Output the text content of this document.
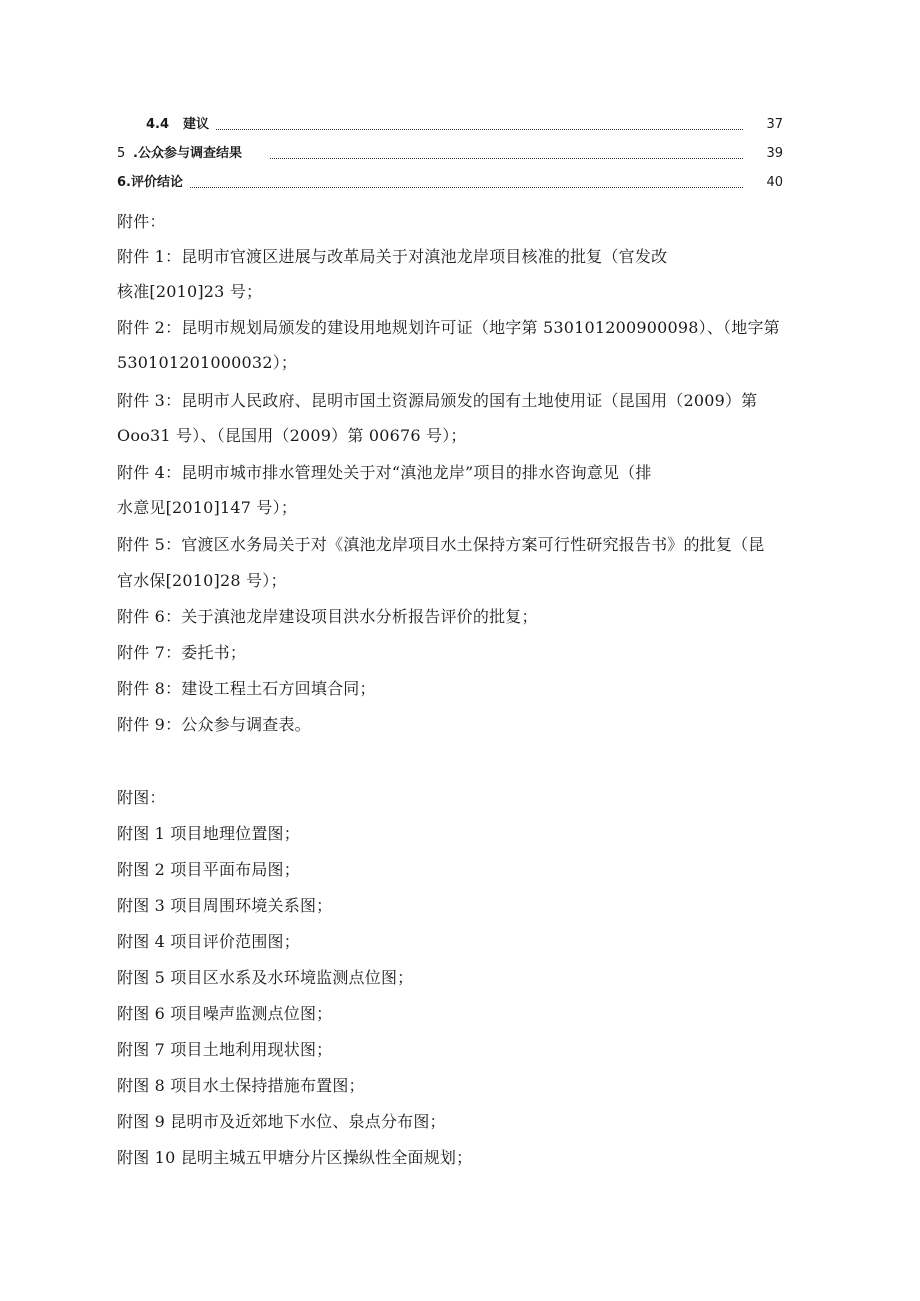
4.4 建议	37
5 .公众参与调查结果	39
6.评价结论	40
附件：
附件 1：昆明市官渡区进展与改革局关于对滇池龙岸项目核准的批复（官发改
核准[2010]23 号；
附件 2：昆明市规划局颁发的建设用地规划许可证（地字第 530101200900098）、（地字第
530101201000032）；
附件 3：昆明市人民政府、昆明市国土资源局颁发的国有土地使用证（昆国用（2009）第
Ooo31 号）、（昆国用（2009）第 00676 号）；
附件 4：昆明市城市排水管理处关于对“滇池龙岸”项目的排水咨询意见（排
水意见[2010]147 号）；
附件 5：官渡区水务局关于对《滇池龙岸项目水土保持方案可行性研究报告书》的批复（昆
官水保[2010]28 号）；
附件 6：关于滇池龙岸建设项目洪水分析报告评价的批复；
附件 7：委托书；
附件 8：建设工程土石方回填合同；
附件 9：公众参与调查表。
附图：
附图 1 项目地理位置图；
附图 2 项目平面布局图；
附图 3 项目周围环境关系图；
附图 4 项目评价范围图；
附图 5 项目区水系及水环境监测点位图；
附图 6 项目噪声监测点位图；
附图 7 项目土地利用现状图；
附图 8 项目水土保持措施布置图；
附图 9 昆明市及近郊地下水位、泉点分布图；
附图 10 昆明主城五甲塘分片区操纵性全面规划；
